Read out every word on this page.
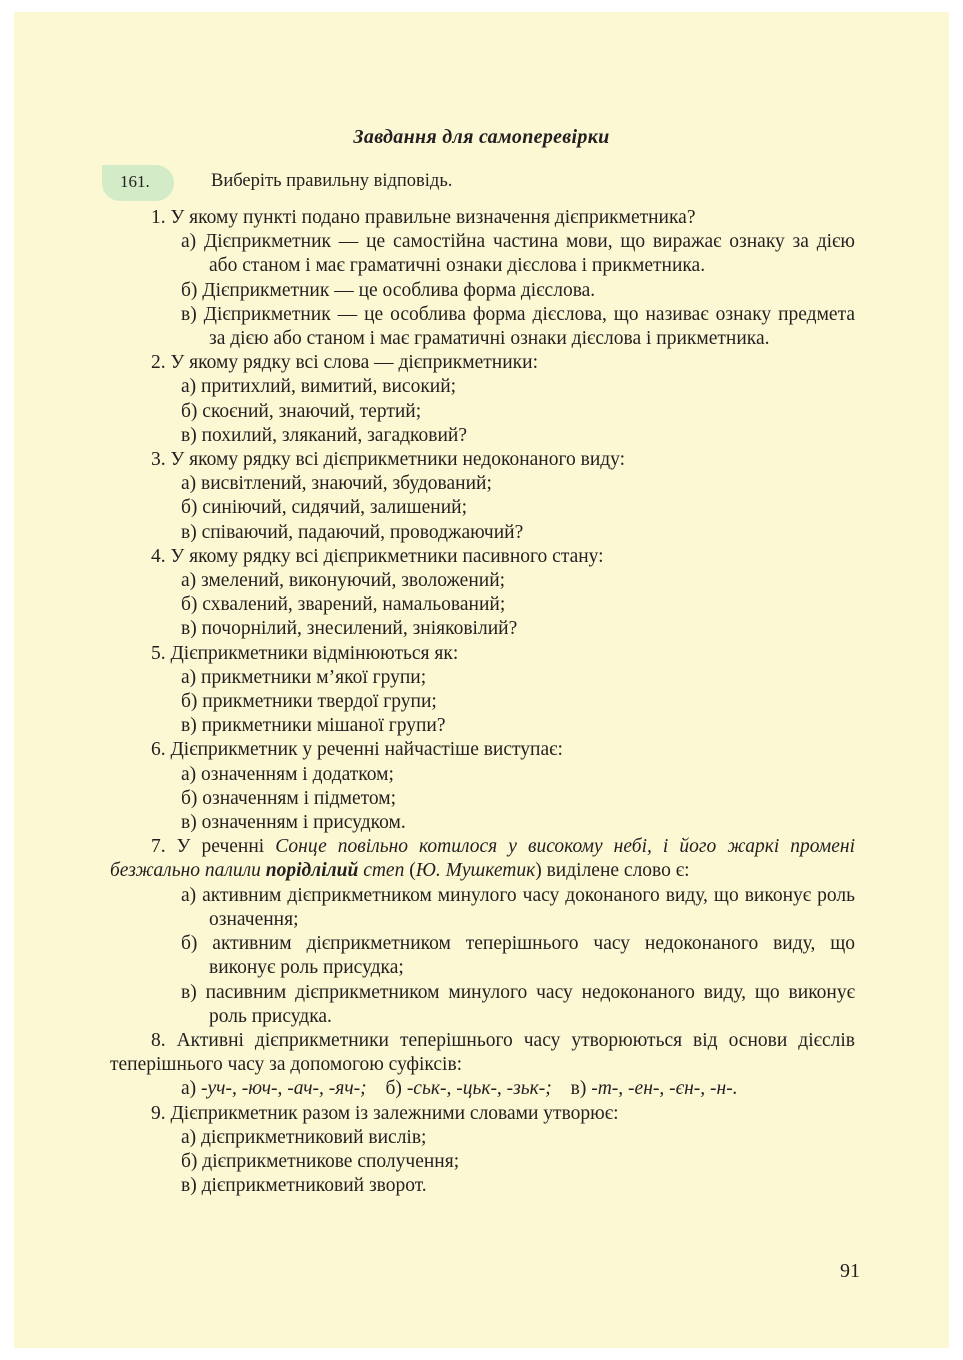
Завдання для самоперевірки
161.	Виберіть правильну відповідь.
1. У якому пункті подано правильне визначення дієприкметника?
а) Дієприкметник — це самостійна частина мови, що виражає ознаку за дією або станом і має граматичні ознаки дієслова і прикметника.
б) Дієприкметник — це особлива форма дієслова.
в) Дієприкметник — це особлива форма дієслова, що називає ознаку предмета за дією або станом і має граматичні ознаки дієслова і прикметника.
2. У якому рядку всі слова — дієприкметники:
а) притихлий, вимитий, високий;
б) скоєний, знаючий, тертий;
в) похилий, зляканий, загадковий?
3. У якому рядку всі дієприкметники недоконаного виду:
а) висвітлений, знаючий, збудований;
б) синіючий, сидячий, залишений;
в) співаючий, падаючий, проводжаючий?
4. У якому рядку всі дієприкметники пасивного стану:
а) змелений, виконуючий, зволожений;
б) схвалений, зварений, намальований;
в) почорнілий, знесилений, зніяковілий?
5. Дієприкметники відмінюються як:
а) прикметники м’якої групи;
б) прикметники твердої групи;
в) прикметники мішаної групи?
6. Дієприкметник у реченні найчастіше виступає:
а) означенням і додатком;
б) означенням і підметом;
в) означенням і присудком.
7. У реченні Сонце повільно котилося у високому небі, і його жаркі промені безжально палили порідлілий степ (Ю. Мушкетик) виділене слово є:
а) активним дієприкметником минулого часу доконаного виду, що виконує роль означення;
б) активним дієприкметником теперішнього часу недоконаного виду, що виконує роль присудка;
в) пасивним дієприкметником минулого часу недоконаного виду, що виконує роль присудка.
8. Активні дієприкметники теперішнього часу утворюються від основи дієслів теперішнього часу за допомогою суфіксів:
а) -уч-, -юч-, -ач-, -яч-; б) -ськ-, -цьк-, -зьк-; в) -т-, -ен-, -єн-, -н-.
9. Дієприкметник разом із залежними словами утворює:
а) дієприкметниковий вислів;
б) дієприкметникове сполучення;
в) дієприкметниковий зворот.
91
